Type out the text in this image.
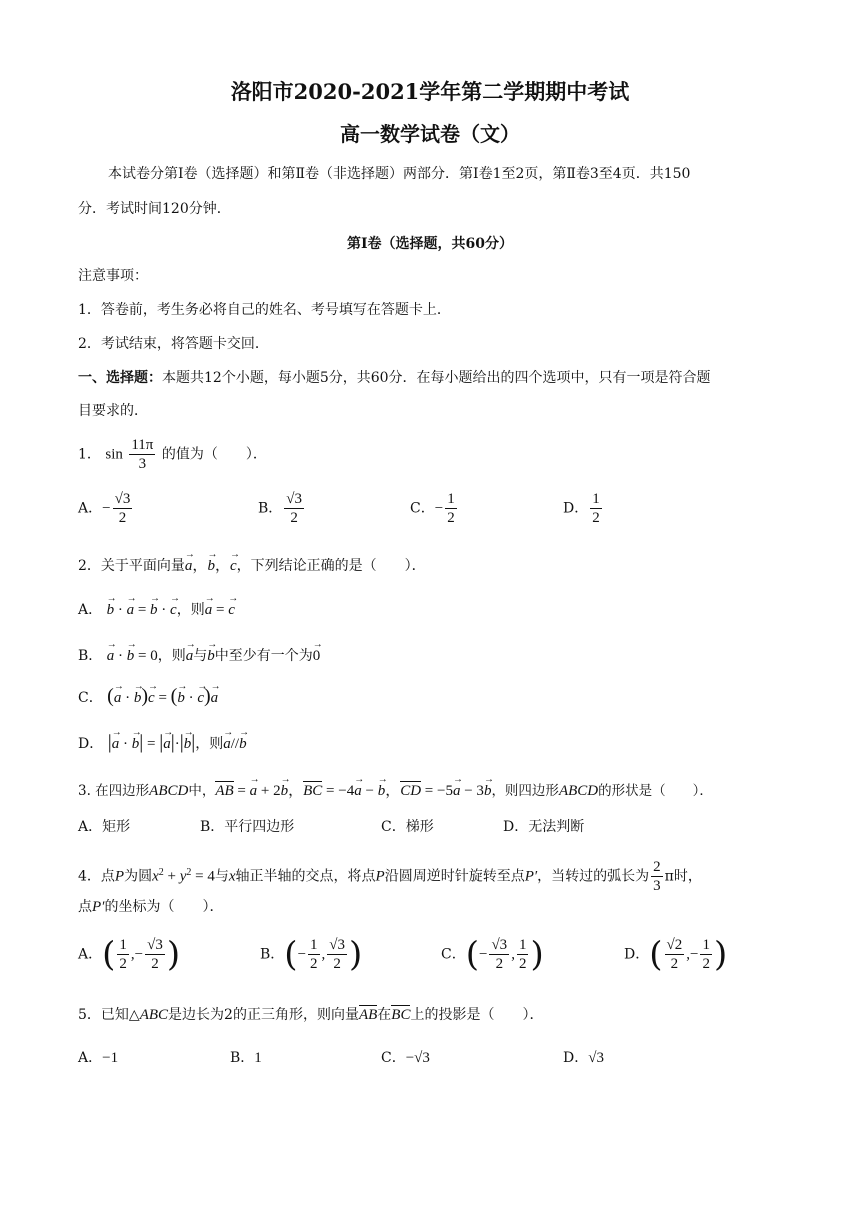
洛阳市2020-2021学年第二学期期中考试
高一数学试卷（文）
本试卷分第Ⅰ卷（选择题）和第Ⅱ卷（非选择题）两部分．第Ⅰ卷1至2页，第Ⅱ卷3至4页．共150
分．考试时间120分钟．
第Ⅰ卷（选择题，共60分）
注意事项：
1．答卷前，考生务必将自己的姓名、考号填写在答题卡上．
2．考试结束，将答题卡交回．
一、选择题：本题共12个小题，每小题5分，共60分．在每小题给出的四个选项中，只有一项是符合题
目要求的．
1． $\sin \frac{11\pi}{3}$ 的值为（　　）．
A．− $\frac{√3}{2}$	B． $\frac{√3}{2}$	C．− $\frac{1}{2}$	D． $\frac{1}{2}$
2．关于平面向量→ a，→ b，→ c，下列结论正确的是（　　）．
A． → b · → a = → b · → c，则→ a = → c
B． → a · → b = 0，则→ a与→ b中至少有一个为→ 0
C． (→ a · → b)→ c = (→ b · → c)→ a
D． |→ a · → b| = |→ a|·|→ b|，则→ a//→ b
3. 在四边形ABCD中，AB = → a + 2→ b，BC = −4→ a − → b，CD = −5→ a − 3→ b，则四边形ABCD的形状是（　　）．
A．矩形	B．平行四边形	C．梯形	D．无法判断
4．点P为圆$x^2 + y^2 = 4$与x轴正半轴的交点，将点P沿圆周逆时针旋转至点P′，当转过的弧长为 $\frac{2}{3}$ π时，
点P′的坐标为（　　）．
A．( $\frac{1}{2}$ ,− $\frac{√3}{2}$ )	B．(− $\frac{1}{2}$ , $\frac{√3}{2}$ )	C．(− $\frac{√3}{2}$ , $\frac{1}{2}$ )	D．( $\frac{√2}{2}$ ,− $\frac{1}{2}$ )
5．已知△ABC是边长为2的正三角形，则向量AB在BC上的投影是（　　）．
A．−1	B．1	C．−√3	D．√3
